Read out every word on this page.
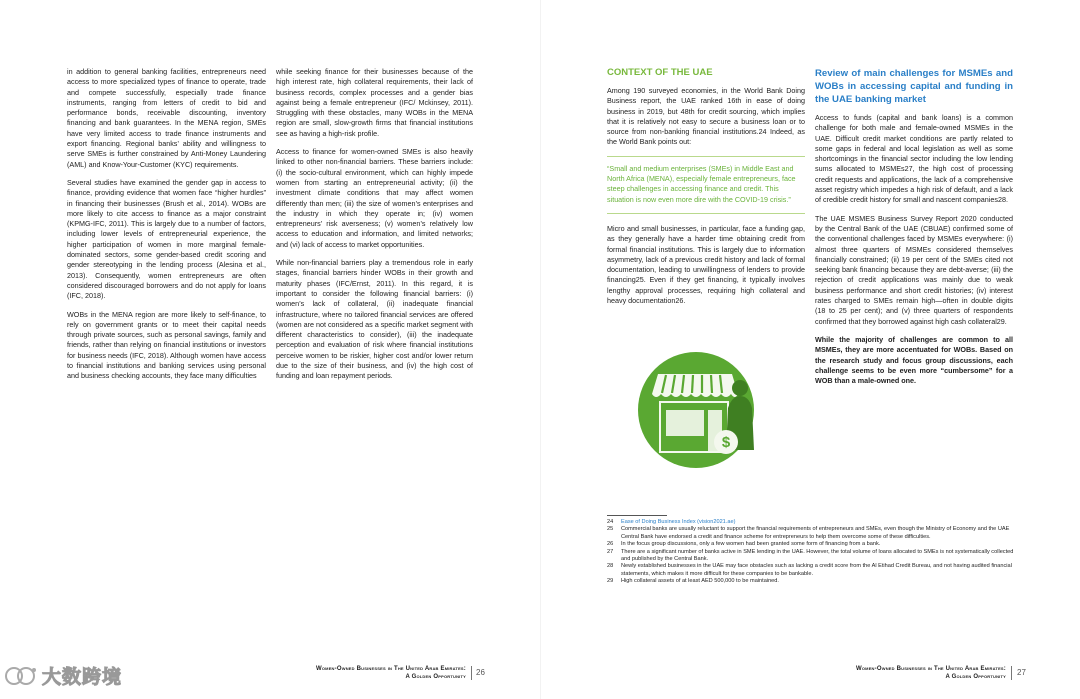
in addition to general banking facilities, entrepreneurs need access to more specialized types of finance to operate, trade and compete successfully, especially trade finance instruments, ranging from letters of credit to bid and performance bonds, receivable discounting, inventory financing and bank guarantees. In the MENA region, SMEs have very limited access to trade finance instruments and export financing. Regional banks’ ability and willingness to serve SMEs is further constrained by Anti-Money Laundering (AML) and Know-Your-Customer (KYC) requirements.

Several studies have examined the gender gap in access to finance, providing evidence that women face “higher hurdles” in financing their businesses (Brush et al., 2014). WOBs are more likely to cite access to finance as a major constraint (KPMG-IFC, 2011). This is largely due to a number of factors, including lower levels of entrepreneurial experience, the higher participation of women in more marginal female-dominated sectors, some gender-based credit scoring and gender stereotyping in the lending process (Alesina et al., 2013). Consequently, women entrepreneurs are often considered discouraged borrowers and do not apply for loans (IFC, 2018).

WOBs in the MENA region are more likely to self-finance, to rely on government grants or to meet their capital needs through private sources, such as personal savings, family and friends, rather than relying on financial institutions or investors for business needs (IFC, 2018). Although women have access to financial institutions and banking services using personal and business checking accounts, they face many difficulties

while seeking finance for their businesses because of the high interest rate, high collateral requirements, their lack of business records, complex processes and a gender bias against being a female entrepreneur (IFC/ Mckinsey, 2011). Struggling with these obstacles, many WOBs in the MENA region are small, slow-growth firms that financial institutions see as having a high-risk profile.

Access to finance for women-owned SMEs is also heavily linked to other non-financial barriers. These barriers include: (i) the socio-cultural environment, which can highly impede women from starting an entrepreneurial activity; (ii) the investment climate conditions that may affect women differently than men; (iii) the size of women’s enterprises and the industry in which they operate in; (iv) women entrepreneurs’ risk averseness; (v) women’s relatively low access to education and information, and limited networks; and (vi) lack of access to market opportunities.

While non-financial barriers play a tremendous role in early stages, financial barriers hinder WOBs in their growth and maturity phases (IFC/Ernst, 2011). In this regard, it is important to consider the following financial barriers: (i) women’s lack of collateral, (ii) inadequate financial infrastructure, where no tailored financial services are offered (women are not considered as a specific market segment with different characteristics to consider), (iii) the inadequate perception and evaluation of risk where financial institutions perceive women to be riskier, higher cost and/or lower return due to the size of their business, and (iv) the high cost of funding and loan repayment periods.

CONTEXT OF THE UAE

Among 190 surveyed economies, in the World Bank Doing Business report, the UAE ranked 16th in ease of doing business in 2019, but 48th for credit sourcing, which implies that it is relatively not easy to secure a business loan or to source from non-banking financial institutions.24 Indeed, as the World Bank points out:

“Small and medium enterprises (SMEs) in Middle East and North Africa (MENA), especially female entrepreneurs, face steep challenges in accessing finance and credit. This situation is now even more dire with the COVID-19 crisis.”

Micro and small businesses, in particular, face a funding gap, as they generally have a harder time obtaining credit from formal financial institutions. This is largely due to information asymmetry, lack of a previous credit history and lack of formal documentation, leading to unwillingness of lenders to provide financing25. Even if they get financing, it typically involves lengthy approval processes, requiring high collateral and heavy documentation26.

$
Review of main challenges for MSMEs and WOBs in accessing capital and funding in the UAE banking market

Access to funds (capital and bank loans) is a common challenge for both male and female-owned MSMEs in the UAE. Difficult credit market conditions are partly related to some gaps in federal and local legislation as well as some shortcomings in the financial sector including the low lending sums allocated to MSMEs27, the high cost of processing credit requests and applications, the lack of a comprehensive asset registry which impedes a high risk of default, and a lack of credible credit history for small and nascent companies28.

The UAE MSMES Business Survey Report 2020 conducted by the Central Bank of the UAE (CBUAE) confirmed some of the conventional challenges faced by MSMEs everywhere: (i) almost three quarters of MSMEs considered themselves financially constrained; (ii) 19 per cent of the SMEs cited not seeking bank financing because they are debt-averse; (iii) the rejection of credit applications was mainly due to weak business performance and short credit histories; (iv) interest rates charged to SMEs remain high—often in double digits (18 to 25 per cent); and (v) three quarters of respondents confirmed that they borrowed against high cash collateral29.

While the majority of challenges are common to all MSMEs, they are more accentuated for WOBs. Based on the research study and focus group discussions, each challenge seems to be even more “cumbersome” for a WOB than a male-owned one.

24	Ease of Doing Business Index (vision2021.ae)
25	Commercial banks are usually reluctant to support the financial requirements of entrepreneurs and SMEs, even though the Ministry of Economy and the UAE Central Bank have endorsed a credit and finance scheme for entrepreneurs to help them overcome some of these difficulties.
26	In the focus group discussions, only a few women had been granted some form of financing from a bank.
27	There are a significant number of banks active in SME lending in the UAE. However, the total volume of loans allocated to SMEs is not systematically collected and published by the Central Bank.
28	Newly established businesses in the UAE may face obstacles such as lacking a credit score from the Al Etihad Credit Bureau, and not having audited financial statements, which makes it more difficult for these companies to be bankable.
29	High collateral assets of at least AED 500,000 to be maintained.
Women-Owned Businesses in The United Arab Emirates:
A Golden Opportunity 26	Women-Owned Businesses in The United Arab Emirates:
A Golden Opportunity 27
大数跨境
